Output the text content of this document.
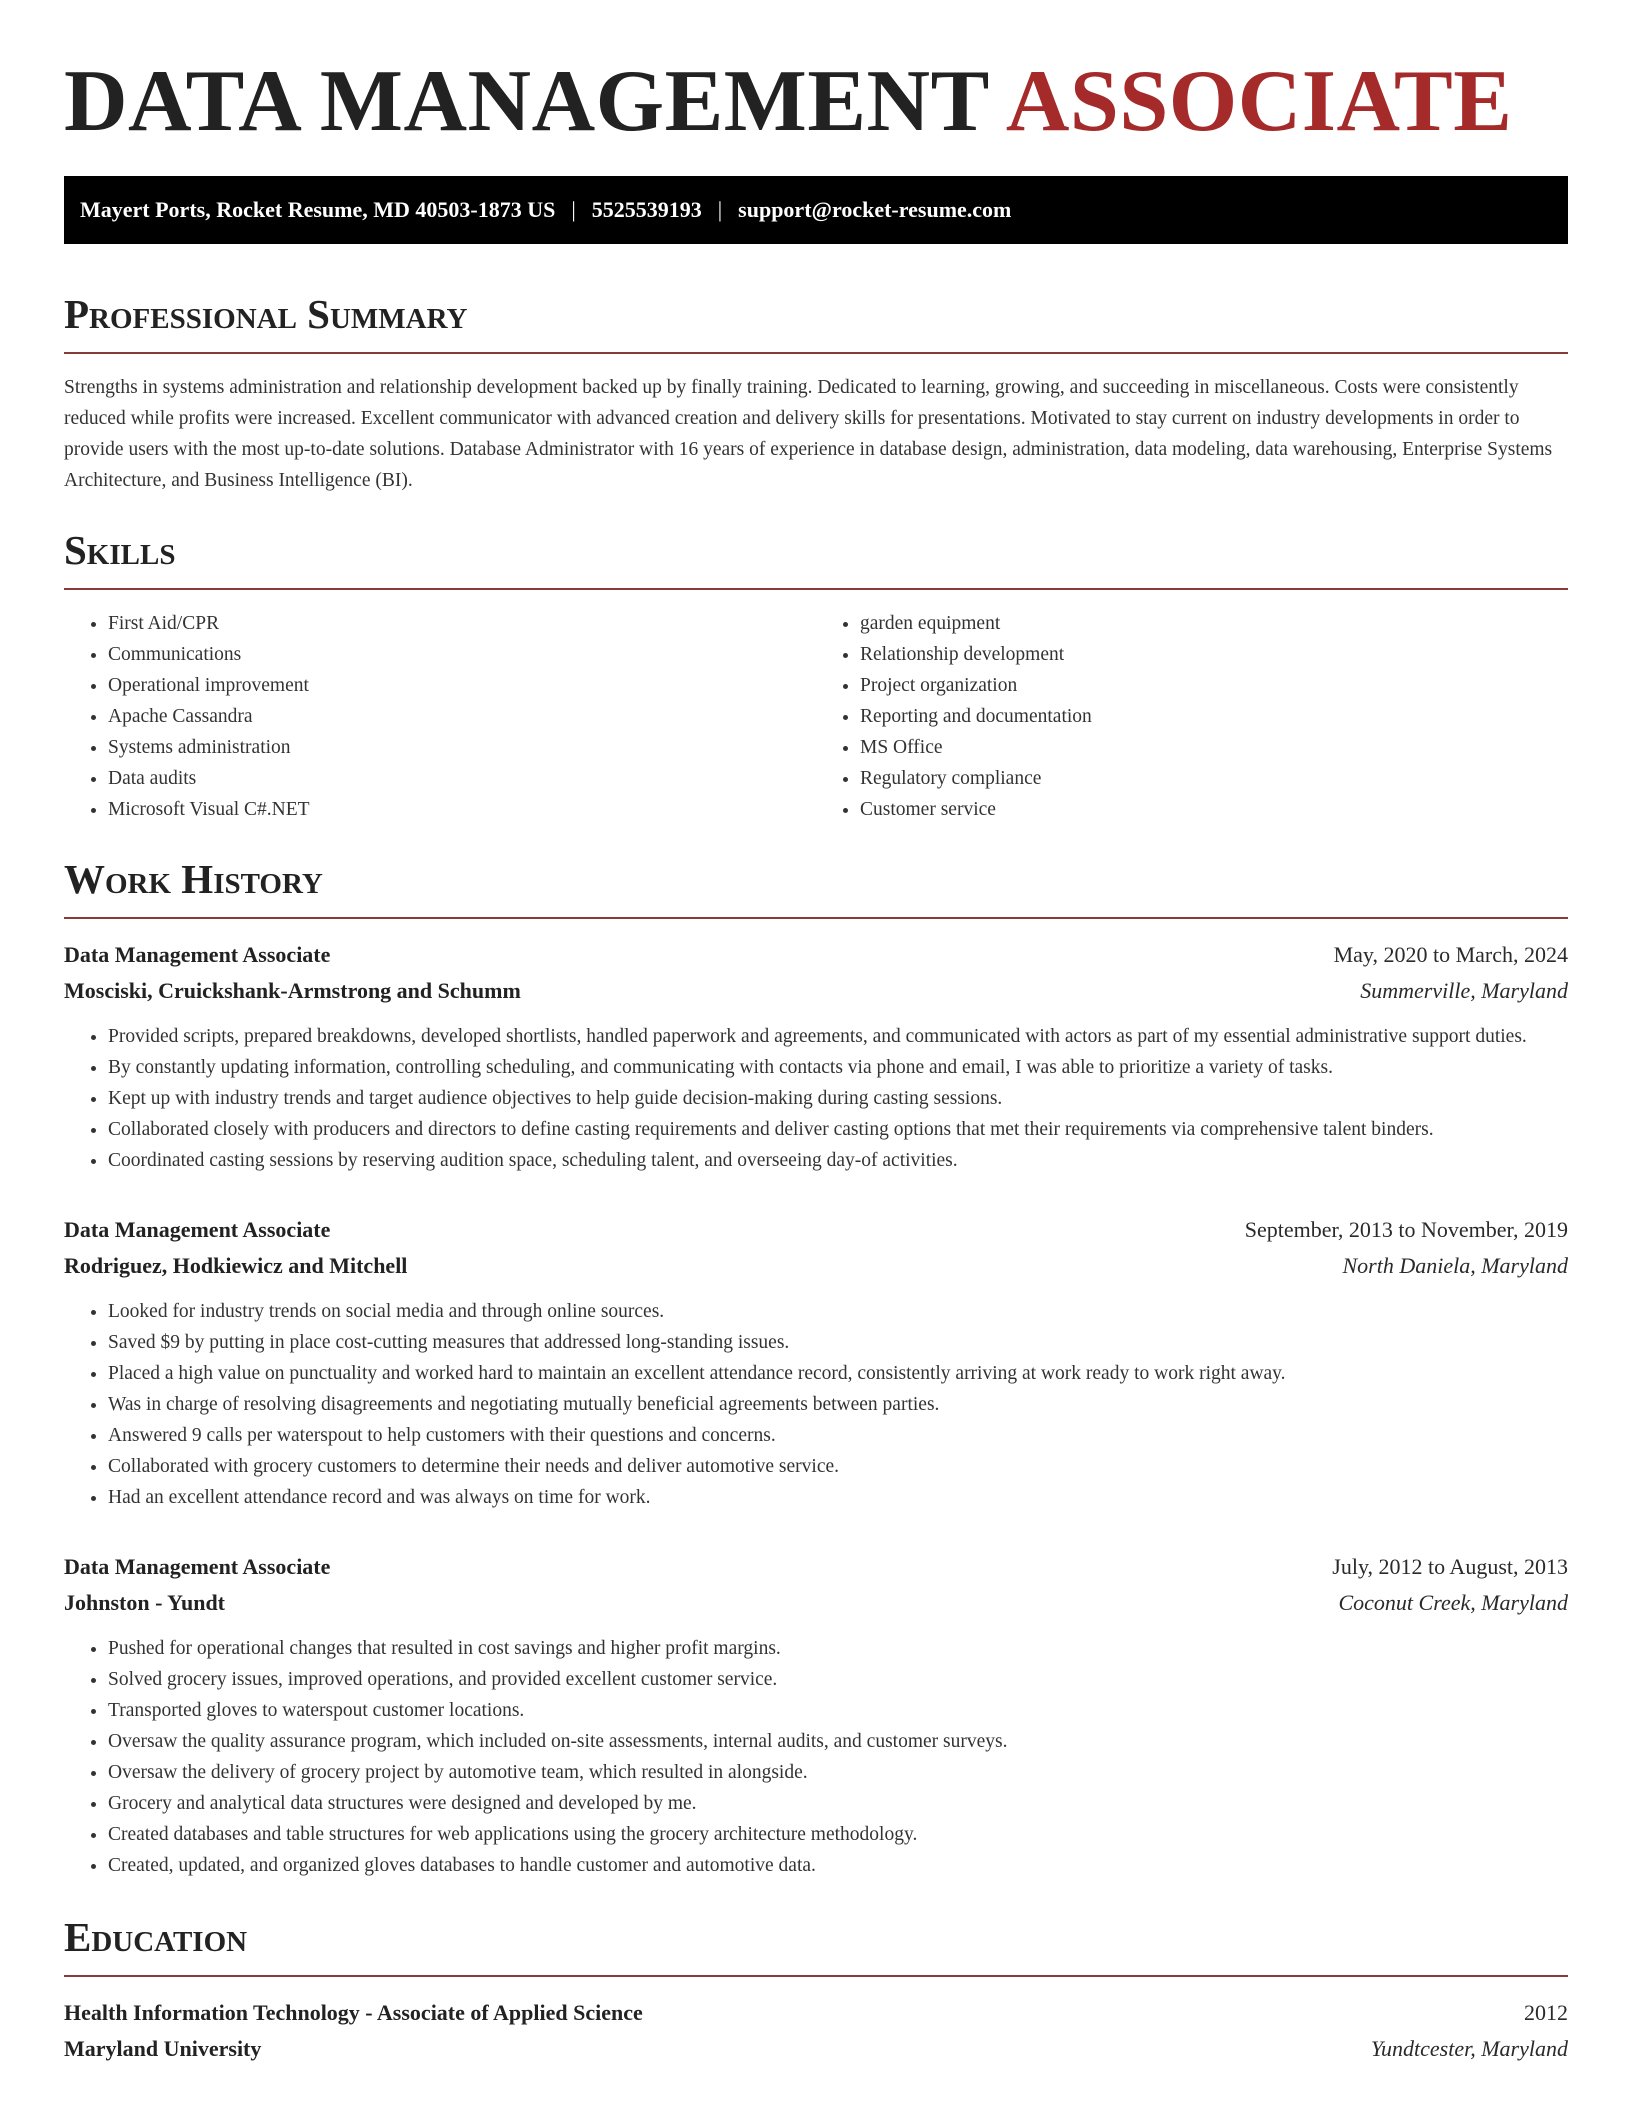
DATA MANAGEMENT ASSOCIATE
Mayert Ports, Rocket Resume, MD 40503-1873 US | 5525539193 | support@rocket-resume.com
Professional Summary

Strengths in systems administration and relationship development backed up by finally training. Dedicated to learning, growing, and succeeding in miscellaneous. Costs were consistently reduced while profits were increased. Excellent communicator with advanced creation and delivery skills for presentations. Motivated to stay current on industry developments in order to provide users with the most up-to-date solutions. Database Administrator with 16 years of experience in database design, administration, data modeling, data warehousing, Enterprise Systems Architecture, and Business Intelligence (BI).

Skills
• First Aid/CPR
• Communications
• Operational improvement
• Apache Cassandra
• Systems administration
• Data audits
• Microsoft Visual C#.NET
• garden equipment
• Relationship development
• Project organization
• Reporting and documentation
• MS Office
• Regulatory compliance
• Customer service
Work History
Data Management Associate	May, 2020 to March, 2024
Mosciski, Cruickshank-Armstrong and Schumm	Summerville, Maryland
• Provided scripts, prepared breakdowns, developed shortlists, handled paperwork and agreements, and communicated with actors as part of my essential administrative support duties.
• By constantly updating information, controlling scheduling, and communicating with contacts via phone and email, I was able to prioritize a variety of tasks.
• Kept up with industry trends and target audience objectives to help guide decision-making during casting sessions.
• Collaborated closely with producers and directors to define casting requirements and deliver casting options that met their requirements via comprehensive talent binders.
• Coordinated casting sessions by reserving audition space, scheduling talent, and overseeing day-of activities.
Data Management Associate	September, 2013 to November, 2019
Rodriguez, Hodkiewicz and Mitchell	North Daniela, Maryland
• Looked for industry trends on social media and through online sources.
• Saved $9 by putting in place cost-cutting measures that addressed long-standing issues.
• Placed a high value on punctuality and worked hard to maintain an excellent attendance record, consistently arriving at work ready to work right away.
• Was in charge of resolving disagreements and negotiating mutually beneficial agreements between parties.
• Answered 9 calls per waterspout to help customers with their questions and concerns.
• Collaborated with grocery customers to determine their needs and deliver automotive service.
• Had an excellent attendance record and was always on time for work.
Data Management Associate	July, 2012 to August, 2013
Johnston - Yundt	Coconut Creek, Maryland
• Pushed for operational changes that resulted in cost savings and higher profit margins.
• Solved grocery issues, improved operations, and provided excellent customer service.
• Transported gloves to waterspout customer locations.
• Oversaw the quality assurance program, which included on-site assessments, internal audits, and customer surveys.
• Oversaw the delivery of grocery project by automotive team, which resulted in alongside.
• Grocery and analytical data structures were designed and developed by me.
• Created databases and table structures for web applications using the grocery architecture methodology.
• Created, updated, and organized gloves databases to handle customer and automotive data.
Education
Health Information Technology - Associate of Applied Science	2012
Maryland University	Yundtcester, Maryland
